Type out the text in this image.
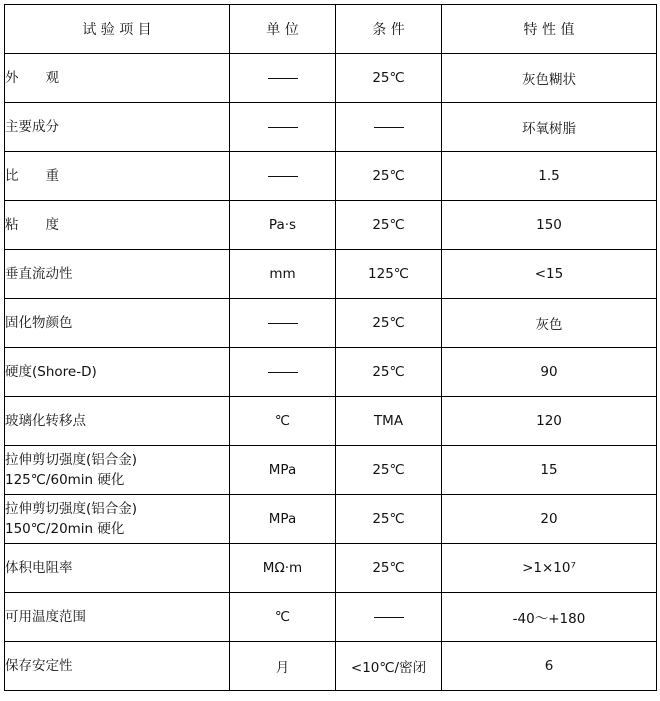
试 验 项 目	单 位	条 件	特 性 值

外　　观		25℃	灰色糊状

主要成分			环氧树脂

比　　重		25℃	1.5

粘　　度	Pa·s	25℃	150

垂直流动性	mm	125℃	<15

固化物颜色		25℃	灰色

硬度(Shore-D)		25℃	90

玻璃化转移点	℃	TMA	120

拉伸剪切强度(铝合金)
125℃/60min 硬化	MPa	25℃	15

拉伸剪切强度(铝合金)
150℃/20min 硬化	MPa	25℃	20

体积电阻率	MΩ·m	25℃	>1×10⁷

可用温度范围	℃		-40～+180

保存安定性	月	<10℃/密闭	6
